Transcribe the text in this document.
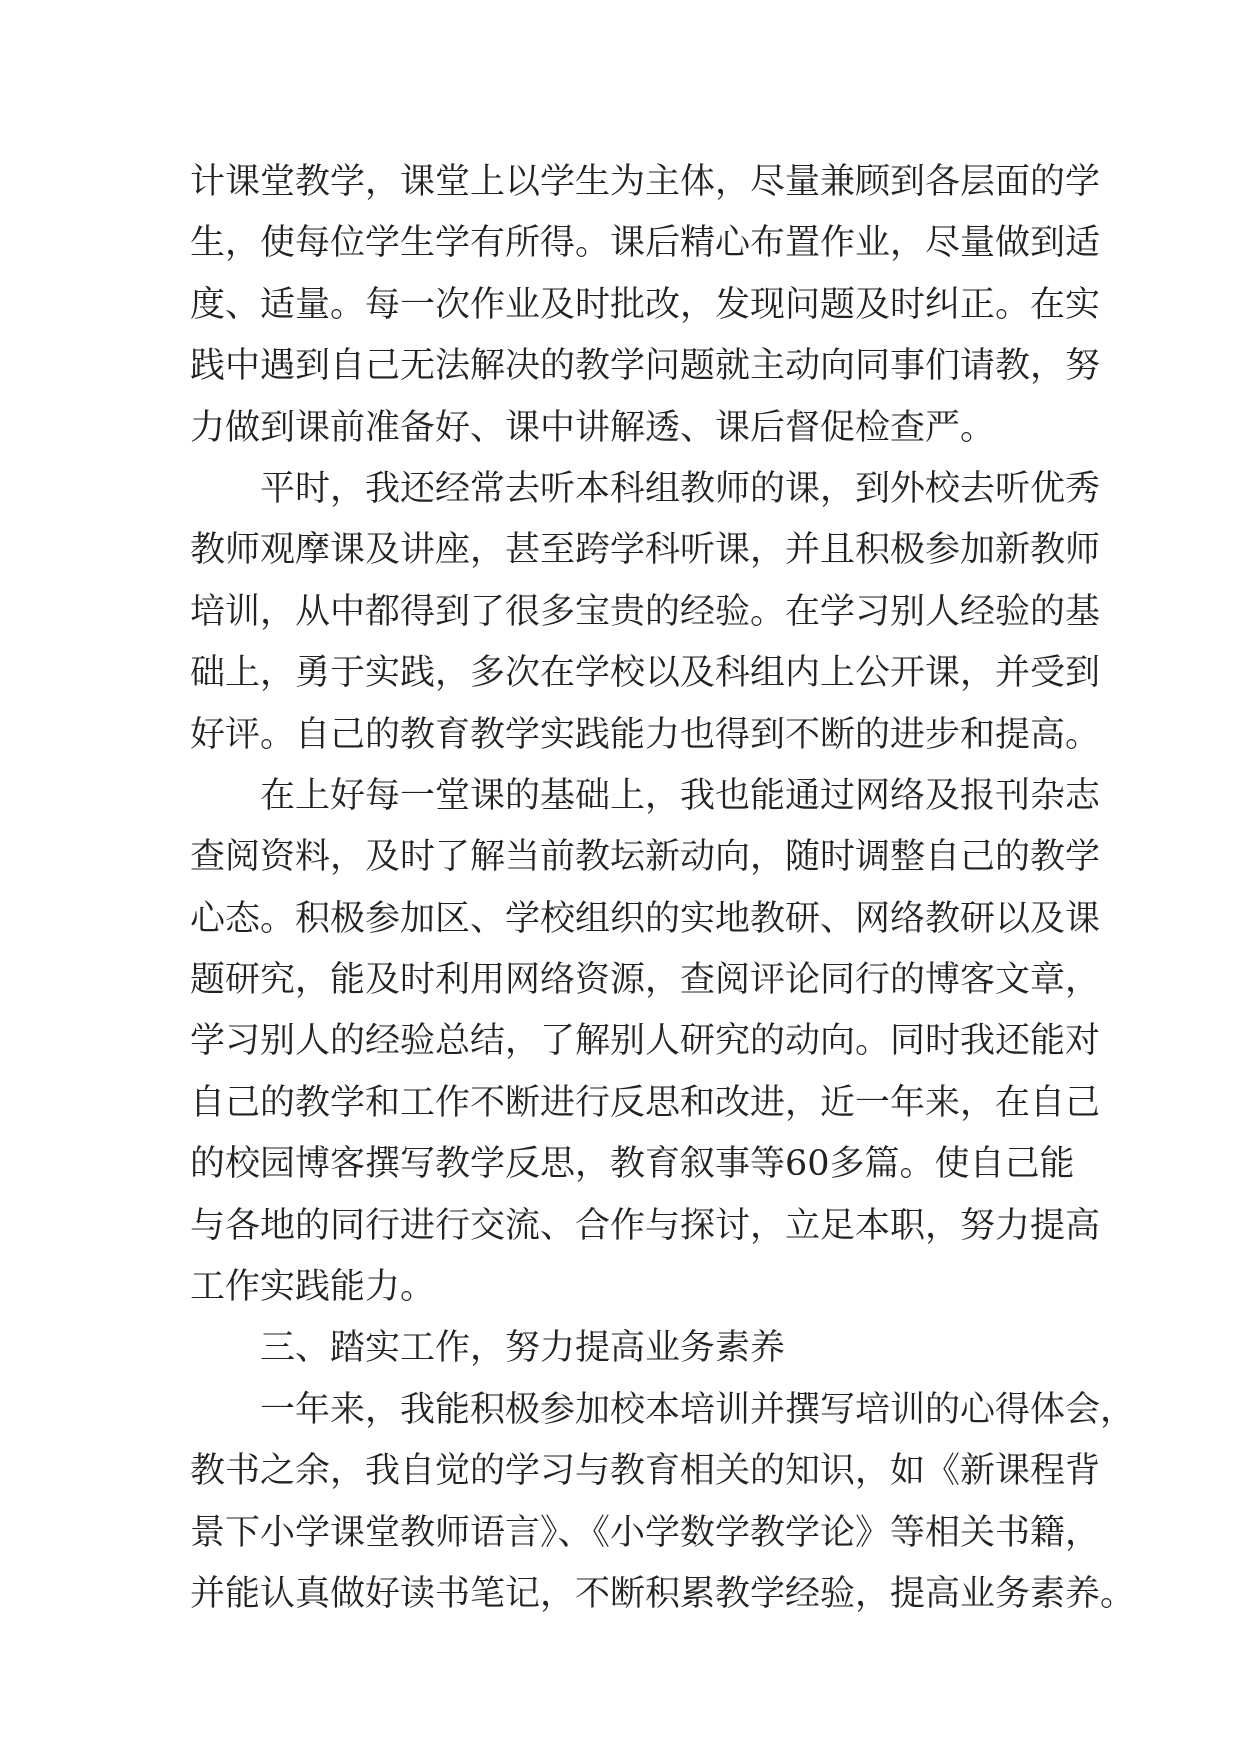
计课堂教学，课堂上以学生为主体，尽量兼顾到各层面的学
生，使每位学生学有所得。课后精心布置作业，尽量做到适
度、适量。每一次作业及时批改，发现问题及时纠正。在实
践中遇到自己无法解决的教学问题就主动向同事们请教，努
力做到课前准备好、课中讲解透、课后督促检查严。
　　平时，我还经常去听本科组教师的课，到外校去听优秀
教师观摩课及讲座，甚至跨学科听课，并且积极参加新教师
培训，从中都得到了很多宝贵的经验。在学习别人经验的基
础上，勇于实践，多次在学校以及科组内上公开课，并受到
好评。自己的教育教学实践能力也得到不断的进步和提高。
　　在上好每一堂课的基础上，我也能通过网络及报刊杂志
查阅资料，及时了解当前教坛新动向，随时调整自己的教学
心态。积极参加区、学校组织的实地教研、网络教研以及课
题研究，能及时利用网络资源，查阅评论同行的博客文章，
学习别人的经验总结，了解别人研究的动向。同时我还能对
自己的教学和工作不断进行反思和改进，近一年来，在自己
的校园博客撰写教学反思，教育叙事等60多篇。使自己能
与各地的同行进行交流、合作与探讨，立足本职，努力提高
工作实践能力。
　　三、踏实工作，努力提高业务素养
　　一年来，我能积极参加校本培训并撰写培训的心得体会，
教书之余，我自觉的学习与教育相关的知识，如《新课程背
景下小学课堂教师语言》、《小学数学教学论》等相关书籍，
并能认真做好读书笔记，不断积累教学经验，提高业务素养。
